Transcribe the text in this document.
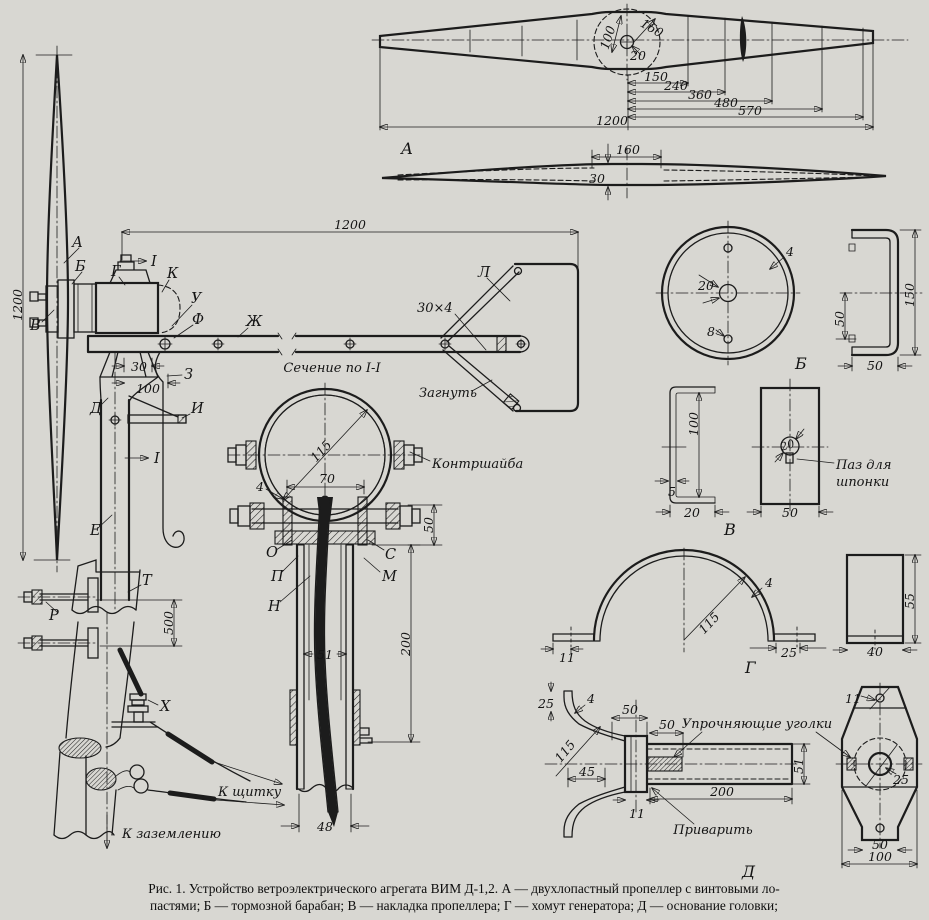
150
240
360
480
570
1200
100 160
20
А	160
30
1200
1200
I
I
30
100
500
А
Б
В
Г	К
У
Ф	Ж
З
Д	И
Е
Т
Р
Х
Л
30×4
Загнуть
К щитку
К заземлению
Сечение по I-I
115
70
4
Контршайба
50
О	С
П	М
Н
51	200
48
20
4
8
Б
150
50
50
100
5
20
В
20
Паз для
шпонки
50
115
4
11	25
Г
55
40
25	4
50
50
115
45
11
200
51
Упрочняющие уголки
Приварить
Д
11
25
50
100
Рис. 1. Устройство ветроэлектрического агрегата ВИМ Д-1,2. А — двухлопастный пропеллер с винтовыми ло-
пастями; Б — тормозной барабан; В — накладка пропеллера; Г — хомут генератора; Д — основание головки;
